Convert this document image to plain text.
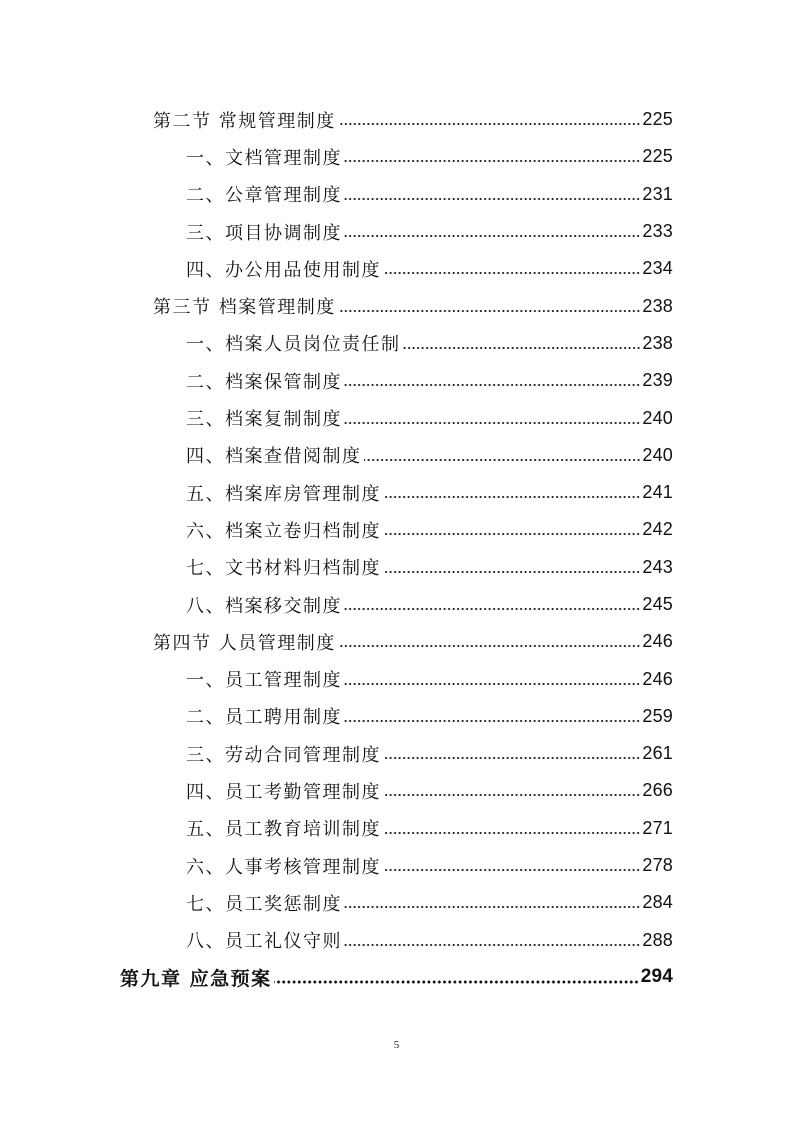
第二节 常规管理制度	225
一、文档管理制度	225
二、公章管理制度	231
三、项目协调制度	233
四、办公用品使用制度	234
第三节 档案管理制度	238
一、档案人员岗位责任制	238
二、档案保管制度	239
三、档案复制制度	240
四、档案查借阅制度	240
五、档案库房管理制度	241
六、档案立卷归档制度	242
七、文书材料归档制度	243
八、档案移交制度	245
第四节 人员管理制度	246
一、员工管理制度	246
二、员工聘用制度	259
三、劳动合同管理制度	261
四、员工考勤管理制度	266
五、员工教育培训制度	271
六、人事考核管理制度	278
七、员工奖惩制度	284
八、员工礼仪守则	288
第九章 应急预案	294
5
